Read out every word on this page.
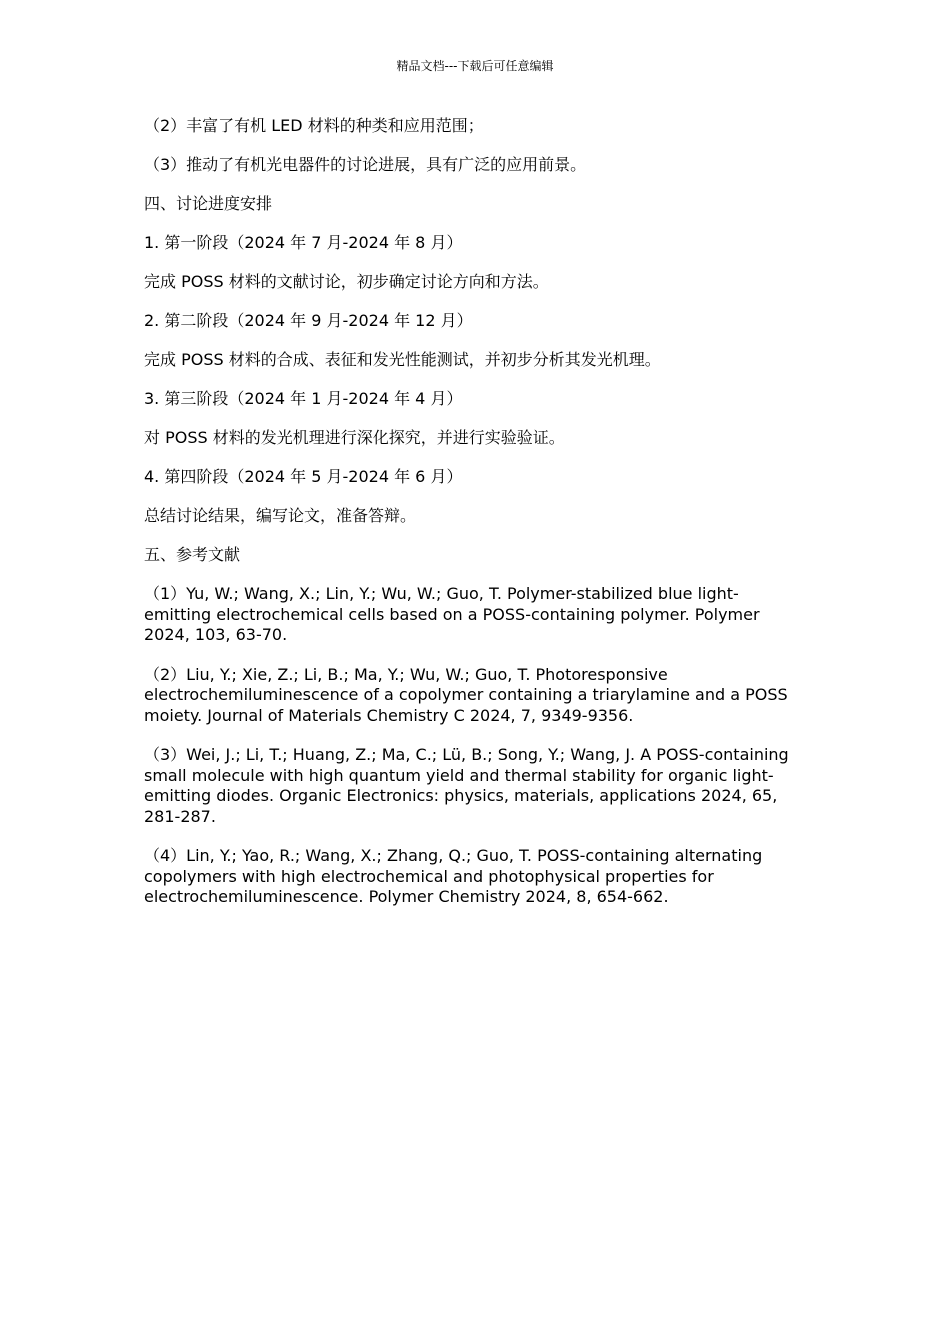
精品文档---下载后可任意编辑

（2）丰富了有机 LED 材料的种类和应用范围；

（3）推动了有机光电器件的讨论进展，具有广泛的应用前景。

四、讨论进度安排

1. 第一阶段（2024 年 7 月-2024 年 8 月）

完成 POSS 材料的文献讨论，初步确定讨论方向和方法。

2. 第二阶段（2024 年 9 月-2024 年 12 月）

完成 POSS 材料的合成、表征和发光性能测试，并初步分析其发光机理。

3. 第三阶段（2024 年 1 月-2024 年 4 月）

对 POSS 材料的发光机理进行深化探究，并进行实验验证。

4. 第四阶段（2024 年 5 月-2024 年 6 月）

总结讨论结果，编写论文，准备答辩。

五、参考文献

（1）Yu, W.; Wang, X.; Lin, Y.; Wu, W.; Guo, T. Polymer-stabilized blue light-emitting electrochemical cells based on a POSS-containing polymer. Polymer 2024, 103, 63-70.

（2）Liu, Y.; Xie, Z.; Li, B.; Ma, Y.; Wu, W.; Guo, T. Photoresponsive electrochemiluminescence of a copolymer containing a triarylamine and a POSS moiety. Journal of Materials Chemistry C 2024, 7, 9349-9356.

（3）Wei, J.; Li, T.; Huang, Z.; Ma, C.; Lü, B.; Song, Y.; Wang, J. A POSS-containing small molecule with high quantum yield and thermal stability for organic light-emitting diodes. Organic Electronics: physics, materials, applications 2024, 65, 281-287.

（4）Lin, Y.; Yao, R.; Wang, X.; Zhang, Q.; Guo, T. POSS-containing alternating copolymers with high electrochemical and photophysical properties for electrochemiluminescence. Polymer Chemistry 2024, 8, 654-662.
